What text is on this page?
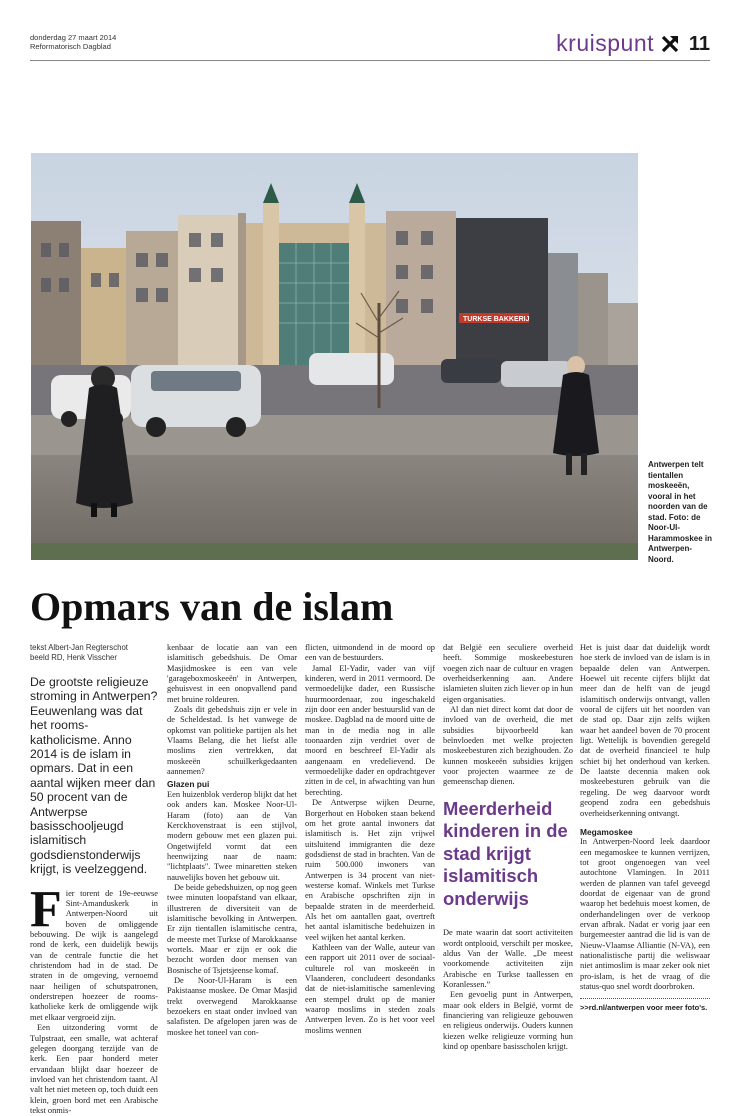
donderdag 27 maart 2014
Reformatorisch Dagblad	kruispunt 11
TURKSE BAKKERIJ
Antwerpen telt tientallen moskeeën, vooral in het noorden van de stad. Foto: de Noor-Ul-Harammoskee in Antwerpen-Noord.
Opmars van de islam
tekst Albert-Jan Regterschot
beeld RD, Henk Visscher
De grootste religieuze stroming in Antwerpen? Eeuwenlang was dat het rooms-katholicisme. Anno 2014 is de islam in opmars. Dat in een aantal wijken meer dan 50 procent van de Antwerpse basisschooljeugd islamitisch godsdienstonderwijs krijgt, is veelzeggend.
F ier torent de 19e-eeuwse Sint-Amanduskerk in Antwerpen-Noord uit boven de omliggende bebouwing. De wijk is aangelegd rond de kerk, een duidelijk bewijs van de centrale functie die het christendom had in de stad. De straten in de omgeving, vernoemd naar heiligen of schutspatronen, onderstrepen hoezeer de rooms-katholieke kerk de omliggende wijk met elkaar vergroeid zijn.

Een uitzondering vormt de Tulpstraat, een smalle, wat achteraf gelegen doorgang terzijde van de kerk. Een paar honderd meter ervandaan blijkt daar hoezeer de invloed van het christendom taant. Al valt het niet meteen op, toch duidt een klein, groen bord met een Arabische tekst onmis-

kenbaar de locatie aan van een islamitisch gebedshuis. De Omar Masjidmoskee is een van vele 'garageboxmoskeeën' in Antwerpen, gehuisvest in een onopvallend pand met bruine roldeuren.

Zoals dit gebedshuis zijn er vele in de Scheldestad. Is het vanwege de opkomst van politieke partijen als het Vlaams Belang, die het liefst alle moslims zien vertrekken, dat moskeeën schuilkerkgedaanten aannemen?

Glazen pui

Een huizenblok verderop blijkt dat het ook anders kan. Moskee Noor-Ul-Haram (foto) aan de Van Kerckhovenstraat is een stijlvol, modern gebouw met een glazen pui. Ongetwijfeld vormt dat een heenwijzing naar de naam: "lichtplaats". Twee minaretten steken nauwelijks boven het gebouw uit.

De beide gebedshuizen, op nog geen twee minuten loopafstand van elkaar, illustreren de diversiteit van de islamitische bevolking in Antwerpen. Er zijn tientallen islamitische centra, de meeste met Turkse of Marokkaanse wortels. Maar er zijn er ook die bezocht worden door mensen van Bosnische of Tsjetsjeense komaf.

De Noor-Ul-Haram is een Pakistaanse moskee. De Omar Masjid trekt overwegend Marokkaanse bezoekers en staat onder invloed van salafisten. De afgelopen jaren was de moskee het toneel van con-

flicten, uitmondend in de moord op een van de bestuurders.

Jamal El-Yadir, vader van vijf kinderen, werd in 2011 vermoord. De vermoedelijke dader, een Russische huurmoordenaar, zou ingeschakeld zijn door een ander bestuurslid van de moskee. Dagblad na de moord uitte de man in de media nog in alle toonaarden zijn verdriet over de moord en beschreef El-Yadir als aangenaam en vredelievend. De vermoedelijke dader en opdrachtgever zitten in de cel, in afwachting van hun berechting.

De Antwerpse wijken Deurne, Borgerhout en Hoboken staan bekend om het grote aantal inwoners dat islamitisch is. Het zijn vrijwel uitsluitend immigranten die deze godsdienst de stad in brachten. Van de ruim 500.000 inwoners van Antwerpen is 34 procent van niet-westerse komaf. Winkels met Turkse en Arabische opschriften zijn in bepaalde straten in de meerderheid. Als het om aantallen gaat, overtreft het aantal islamitische bedehuizen in veel wijken het aantal kerken.

Kathleen van der Walle, auteur van een rapport uit 2011 over de sociaal-culturele rol van moskeeën in Vlaanderen, concludeert desondanks dat de niet-islamitische samenleving een stempel drukt op de manier waarop moslims in steden zoals Antwerpen leven. Zo is het voor veel moslims wennen

dat België een seculiere overheid heeft. Sommige moskeebesturen voegen zich naar de cultuur en vragen overheidserkenning aan. Andere islamieten sluiten zich liever op in hun eigen organisaties.

Al dan niet direct komt dat door de invloed van de overheid, die met subsidies bijvoorbeeld kan beïnvloeden met welke projecten moskeebesturen zich bezighouden. Zo kunnen moskeeën subsidies krijgen voor projecten waarmee ze de gemeenschap dienen.

Meerderheid kinderen in de stad krijgt islamitisch onderwijs

De mate waarin dat soort activiteiten wordt ontplooid, verschilt per moskee, aldus Van der Walle. „De meest voorkomende activiteiten zijn Arabische en Turkse taallessen en Koranlessen.”

Een gevoelig punt in Antwerpen, maar ook elders in België, vormt de financiering van religieuze gebouwen en religieus onderwijs. Ouders kunnen kiezen welke religieuze vorming hun kind op openbare basisscholen krijgt.

Het is juist daar dat duidelijk wordt hoe sterk de invloed van de islam is in bepaalde delen van Antwerpen. Hoewel uit recente cijfers blijkt dat meer dan de helft van de jeugd islamitisch onderwijs ontvangt, vallen vooral de cijfers uit het noorden van de stad op. Daar zijn zelfs wijken waar het aandeel boven de 70 procent ligt. Wettelijk is bovendien geregeld dat de overheid financieel te hulp schiet bij het onderhoud van kerken. De laatste decennia maken ook moskeebesturen gebruik van die regeling. De weg daarvoor wordt geopend zodra een gebedshuis overheidserkenning ontvangt.

Megamoskee

In Antwerpen-Noord leek daardoor een megamoskee te kunnen verrijzen, tot groot ongenoegen van veel autochtone Vlamingen. In 2011 werden de plannen van tafel geveegd doordat de eigenaar van de grond waarop het bedehuis moest komen, de onderhandelingen over de verkoop ervan afbrak. Nadat er vorig jaar een burgemeester aantrad die lid is van de Nieuw-Vlaamse Alliantie (N-VA), een nationalistische partij die weliswaar niet antimoslim is maar zeker ook niet pro-islam, is het de vraag of die status-quo snel wordt doorbroken.

>>rd.nl/antwerpen voor meer foto's.
